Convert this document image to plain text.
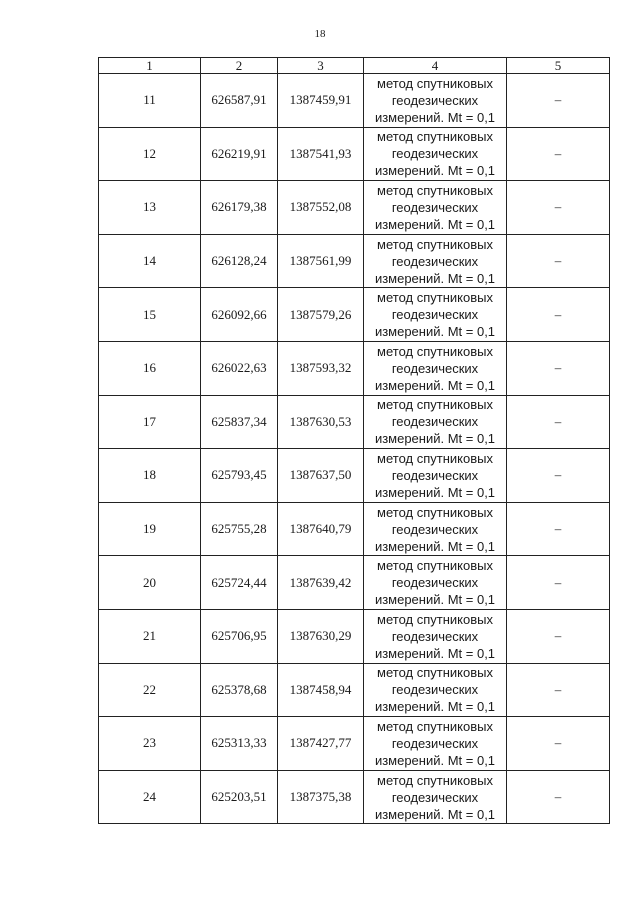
18
1	2	3	4	5
11	626587,91	1387459,91	метод спутниковых
геодезических
измерений. Mt = 0,1	–
12	626219,91	1387541,93	метод спутниковых
геодезических
измерений. Mt = 0,1	–
13	626179,38	1387552,08	метод спутниковых
геодезических
измерений. Mt = 0,1	–
14	626128,24	1387561,99	метод спутниковых
геодезических
измерений. Mt = 0,1	–
15	626092,66	1387579,26	метод спутниковых
геодезических
измерений. Mt = 0,1	–
16	626022,63	1387593,32	метод спутниковых
геодезических
измерений. Mt = 0,1	–
17	625837,34	1387630,53	метод спутниковых
геодезических
измерений. Mt = 0,1	–
18	625793,45	1387637,50	метод спутниковых
геодезических
измерений. Mt = 0,1	–
19	625755,28	1387640,79	метод спутниковых
геодезических
измерений. Mt = 0,1	–
20	625724,44	1387639,42	метод спутниковых
геодезических
измерений. Mt = 0,1	–
21	625706,95	1387630,29	метод спутниковых
геодезических
измерений. Mt = 0,1	–
22	625378,68	1387458,94	метод спутниковых
геодезических
измерений. Mt = 0,1	–
23	625313,33	1387427,77	метод спутниковых
геодезических
измерений. Mt = 0,1	–
24	625203,51	1387375,38	метод спутниковых
геодезических
измерений. Mt = 0,1	–
